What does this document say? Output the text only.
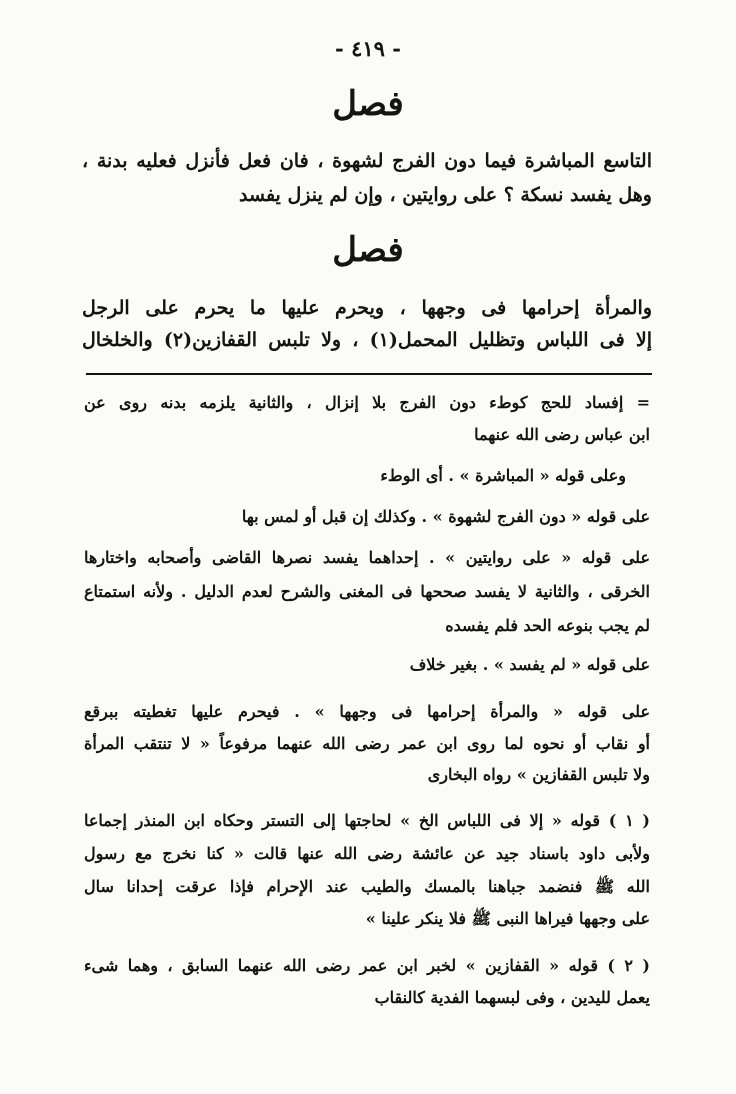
- ٤١٩ -
فصل
التاسع المباشرة فيما دون الفرج لشهوة ، فان فعل فأنزل فعليه بدنة ،
وهل يفسد نسكة ؟ على روايتين ، وإن لم ينزل يفسد
فصل
والمرأة إحرامها فى وجهها ، ويحرم عليها ما يحرم على الرجل
إلا فى اللباس وتظليل المحمل(١) ، ولا تلبس القفازين(٢) والخلخال
= إفساد للحج كوطء دون الفرج بلا إنزال ، والثانية يلزمه بدنه روى عن
ابن عباس رضى الله عنهما
وعلى قوله « المباشرة » . أى الوطء
على قوله « دون الفرج لشهوة » . وكذلك إن قبل أو لمس بها
على قوله « على روايتين » . إحداهما يفسد نصرها القاضى وأصحابه واختارها
الخرقى ، والثانية لا يفسد صححها فى المغنى والشرح لعدم الدليل . ولأنه استمتاع
لم يجب بنوعه الحد فلم يفسده
على قوله « لم يفسد » . بغير خلاف
على قوله « والمرأة إحرامها فى وجهها » . فيحرم عليها تغطيته ببرقع
أو نقاب أو نحوه لما روى ابن عمر رضى الله عنهما مرفوعاً « لا تنتقب المرأة
ولا تلبس القفازين » رواه البخارى
( ١ ) قوله « إلا فى اللباس الخ » لحاجتها إلى التستر وحكاه ابن المنذر إجماعا
ولأبى داود باسناد جيد عن عائشة رضى الله عنها قالت « كنا نخرج مع رسول
الله ﷺ فنضمد جباهنا بالمسك والطيب عند الإحرام فإذا عرقت إحدانا سال
على وجهها فيراها النبى ﷺ فلا ينكر علينا »
( ٢ ) قوله « القفازين » لخبر ابن عمر رضى الله عنهما السابق ، وهما شىء
يعمل لليدين ، وفى لبسهما الفدية كالنقاب
